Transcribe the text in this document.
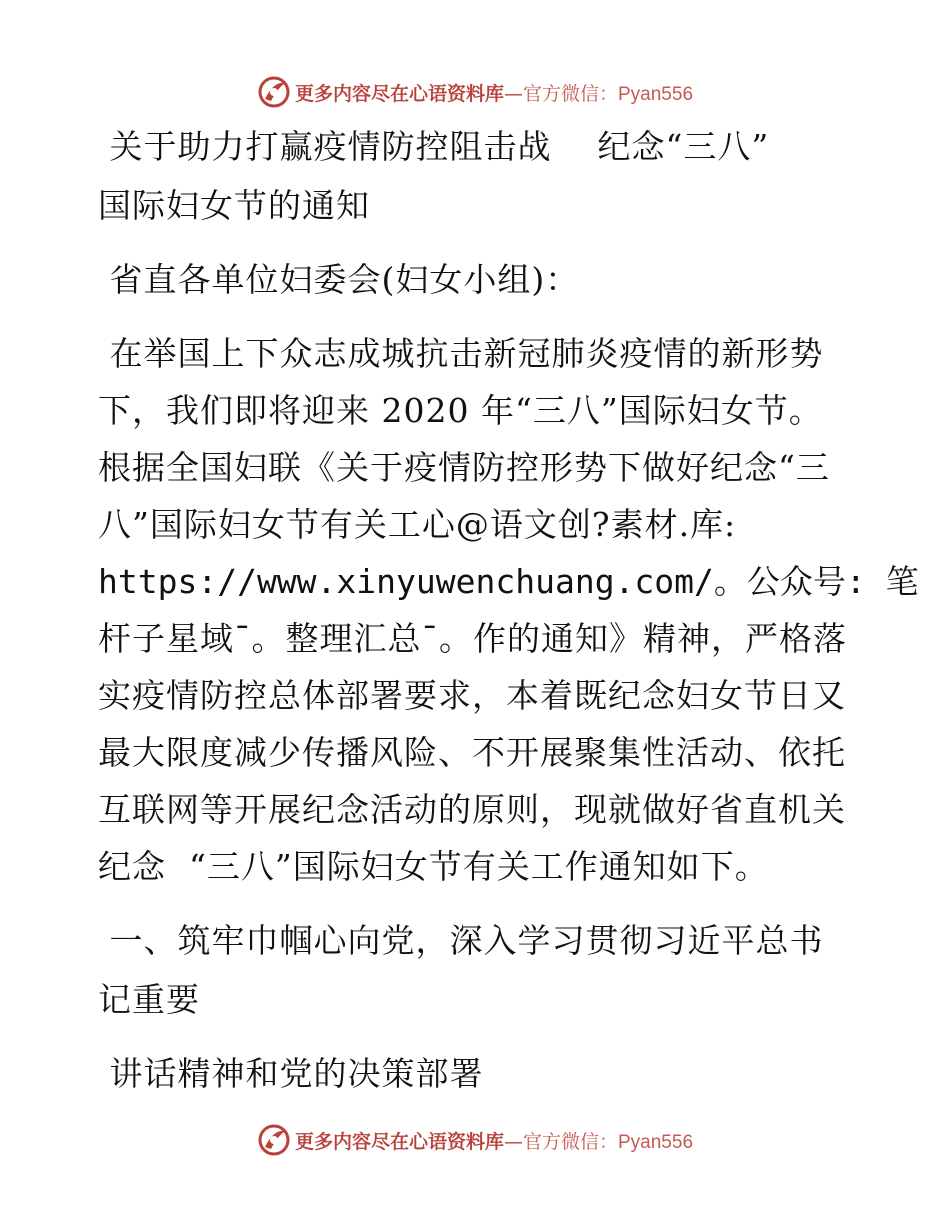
更多内容尽在心语资料库—官方微信：Pyan556
关于助力打赢疫情防控阻击战    纪念“三八”
国际妇女节的通知
省直各单位妇委会(妇女小组)：
在举国上下众志成城抗击新冠肺炎疫情的新形势
下，我们即将迎来 2020 年“三八”国际妇女节。
根据全国妇联《关于疫情防控形势下做好纪念“三
八”国际妇女节有关工心@语文创?素材.库:
https://www.xinyuwenchuang.com/。公众号: 笔
杆子星域¯。整理汇总¯。作的通知》精神，严格落
实疫情防控总体部署要求，本着既纪念妇女节日又
最大限度减少传播风险、不开展聚集性活动、依托
互联网等开展纪念活动的原则，现就做好省直机关
纪念  “三八”国际妇女节有关工作通知如下。
一、筑牢巾帼心向党，深入学习贯彻习近平总书
记重要
讲话精神和党的决策部署
更多内容尽在心语资料库—官方微信：Pyan556
